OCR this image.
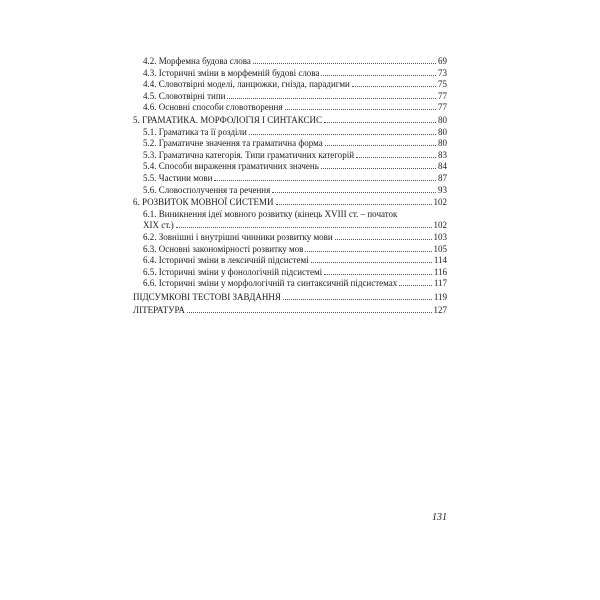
4.2. Морфемна будова слова	69
4.3. Історичні зміни в морфемній будові слова	73
4.4. Словотвірні моделі, ланцюжки, гнізда, парадигми	75
4.5. Словотвірні типи	77
4.6. Основні способи словотворення	77
5. ГРАМАТИКА. МОРФОЛОГІЯ І СИНТАКСИС	80
5.1. Граматика та її розділи	80
5.2. Граматичне значення та граматична форма	80
5.3. Граматична категорія. Типи граматичних категорій	83
5.4. Способи вираження граматичних значень	84
5.5. Частини мови	87
5.6. Словосполучення та речення	93
6. РОЗВИТОК МОВНОЇ СИСТЕМИ	102
6.1. Виникнення ідеї мовного розвитку (кінець XVIII ст. – початок
XIX ст.)	102
6.2. Зовнішні і внутрішні чинники розвитку мови	103
6.3. Основні закономірності розвитку мов	105
6.4. Історичні зміни в лексичній підсистемі	114
6.5. Історичні зміни у фонологічній підсистемі	116
6.6. Історичні зміни у морфологічній та синтаксичній підсистемах	117
ПІДСУМКОВІ ТЕСТОВІ ЗАВДАННЯ	119
ЛІТЕРАТУРА	127
131
